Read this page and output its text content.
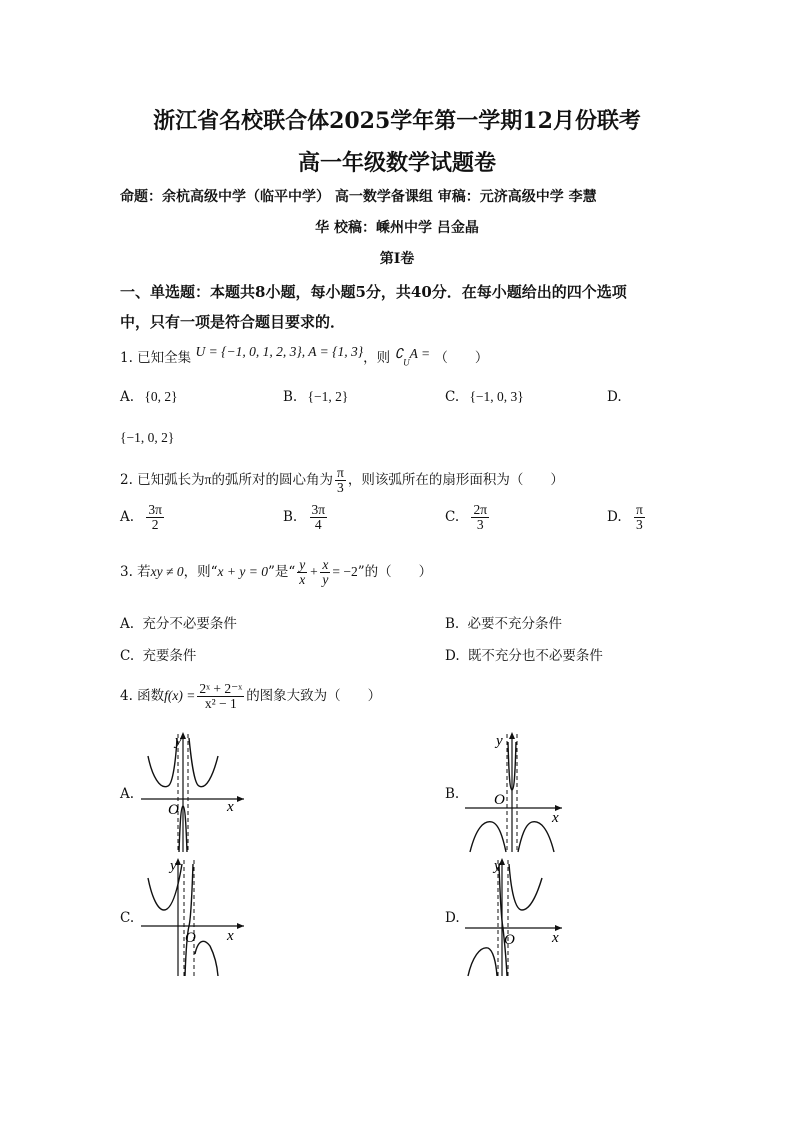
浙江省名校联合体2025学年第一学期12月份联考
高一年级数学试题卷
命题：余杭高级中学（临平中学） 高一数学备课组 审稿：元济高级中学 李慧
华 校稿：嵊州中学 吕金晶
第I卷
一、单选题：本题共8小题，每小题5分，共40分．在每小题给出的四个选项
中，只有一项是符合题目要求的．
1. 已知全集 U = {−1, 0, 1, 2, 3}, A = {1, 3}，则 $∁_UA$ = （　　）
A. {0, 2}	B. {−1, 2}	C. {−1, 0, 3}	D.
{−1, 0, 2}
2. 已知弧长为π的弧所对的圆心角为 $\frac{\pi}{3}$ ，则该弧所在的扇形面积为（　　）
A. $\frac{3\pi}{2}$	B. $\frac{3\pi}{4}$	C. $\frac{2\pi}{3}$	D. $\frac{\pi}{3}$
3. 若xy ≠ 0，则“x + y = 0”是“ $\frac{y}{x} + \frac{x}{y} = -2$”的（　　）
A. 充分不必要条件	B. 必要不充分条件
C. 充要条件	D. 既不充分也不必要条件
4. 函数$f(x) = \frac{\text{2ˣ + 2⁻ˣ}}{\text{x² − 1}}$ 的图象大致为（　　）
A.	B.
C.	D.
y
x
O
y
x
O
y
x
O
y
x
O
